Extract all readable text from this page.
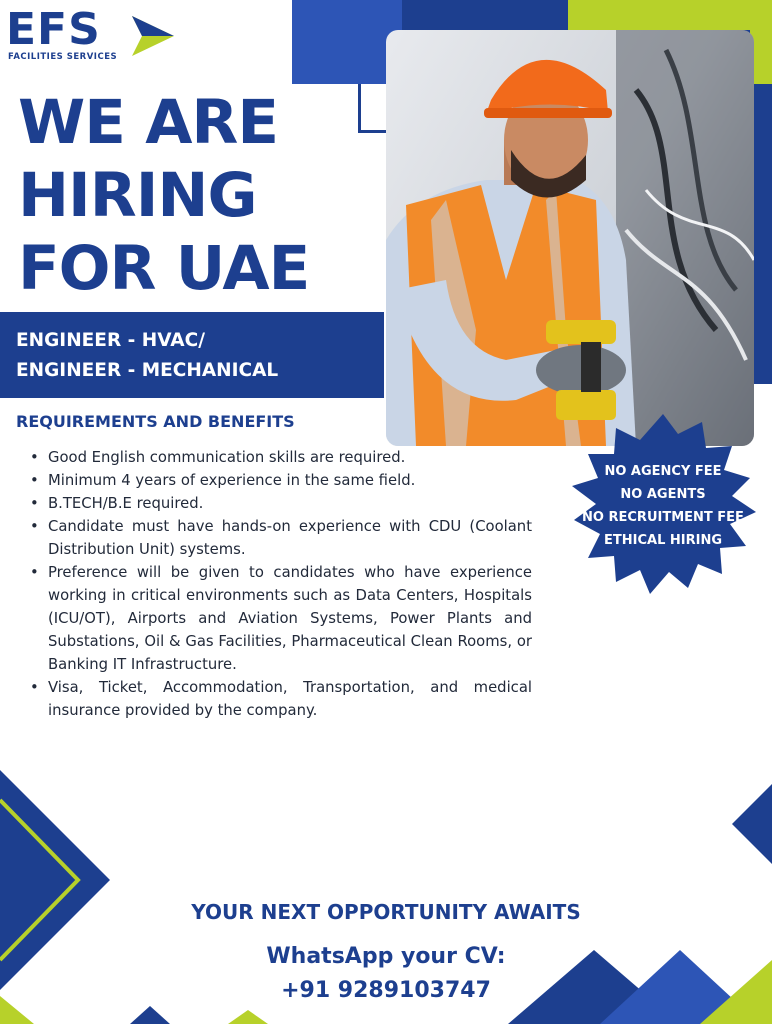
EFS
FACILITIES SERVICES
WE ARE
HIRING
FOR UAE
ENGINEER - HVAC/
ENGINEER - MECHANICAL
REQUIREMENTS AND BENEFITS
• Good English communication skills are required.
• Minimum 4 years of experience in the same field.
• B.TECH/B.E required.
• Candidate must have hands-on experience with CDU (Coolant Distribution Unit) systems.
• Preference will be given to candidates who have experience working in critical environments such as Data Centers, Hospitals (ICU/OT), Airports and Aviation Systems, Power Plants and Substations, Oil & Gas Facilities, Pharmaceutical Clean Rooms, or Banking IT Infrastructure.
• Visa, Ticket, Accommodation, Transportation, and medical insurance provided by the company.
NO AGENCY FEE
NO AGENTS
NO RECRUITMENT FEE
ETHICAL HIRING
YOUR NEXT OPPORTUNITY AWAITS
WhatsApp your CV:
+91 9289103747
